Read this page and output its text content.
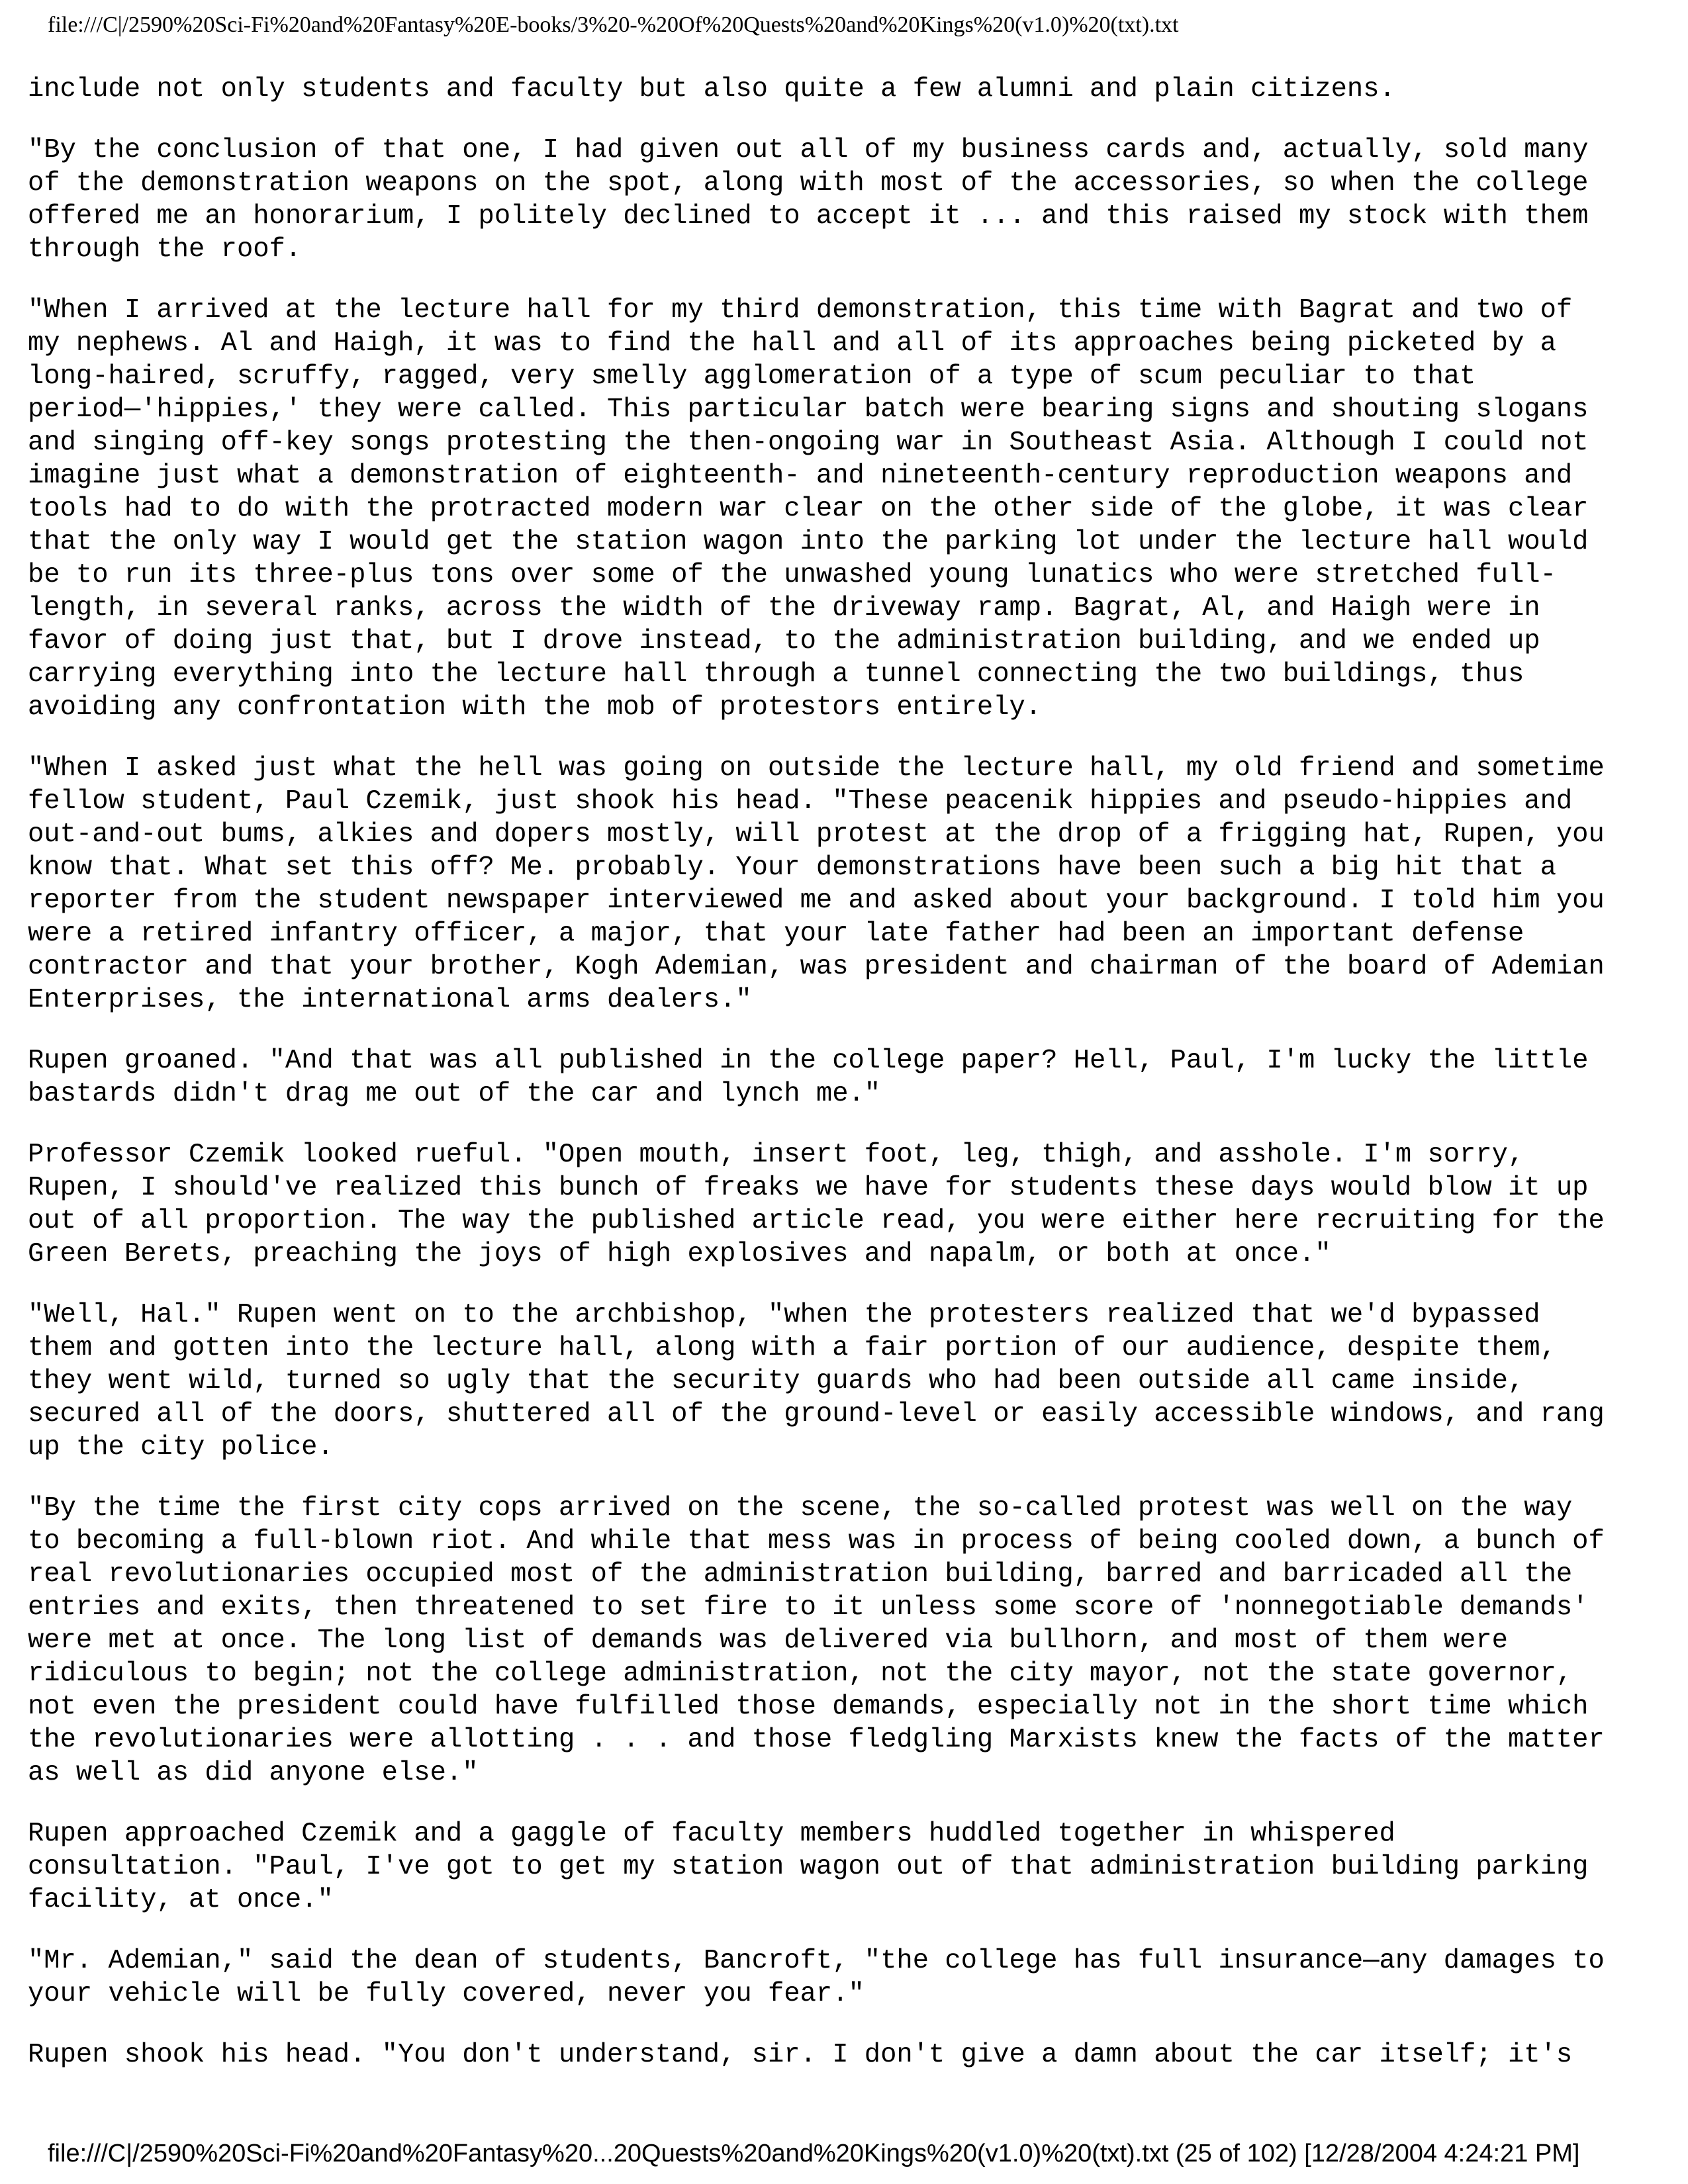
file:///C|/2590%20Sci-Fi%20and%20Fantasy%20E-books/3%20-%20Of%20Quests%20and%20Kings%20(v1.0)%20(txt).txt

include not only students and faculty but also quite a few alumni and plain citizens.

"By the conclusion of that one, I had given out all of my business cards and, actually, sold many
of the demonstration weapons on the spot, along with most of the accessories, so when the college
offered me an honorarium, I politely declined to accept it ... and this raised my stock with them
through the roof.

"When I arrived at the lecture hall for my third demonstration, this time with Bagrat and two of
my nephews. Al and Haigh, it was to find the hall and all of its approaches being picketed by a
long-haired, scruffy, ragged, very smelly agglomeration of a type of scum peculiar to that
period—'hippies,' they were called. This particular batch were bearing signs and shouting slogans
and singing off-key songs protesting the then-ongoing war in Southeast Asia. Although I could not
imagine just what a demonstration of eighteenth- and nineteenth-century reproduction weapons and
tools had to do with the protracted modern war clear on the other side of the globe, it was clear
that the only way I would get the station wagon into the parking lot under the lecture hall would
be to run its three-plus tons over some of the unwashed young lunatics who were stretched full-
length, in several ranks, across the width of the driveway ramp. Bagrat, Al, and Haigh were in
favor of doing just that, but I drove instead, to the administration building, and we ended up
carrying everything into the lecture hall through a tunnel connecting the two buildings, thus
avoiding any confrontation with the mob of protestors entirely.

"When I asked just what the hell was going on outside the lecture hall, my old friend and sometime
fellow student, Paul Czemik, just shook his head. "These peacenik hippies and pseudo-hippies and
out-and-out bums, alkies and dopers mostly, will protest at the drop of a frigging hat, Rupen, you
know that. What set this off? Me. probably. Your demonstrations have been such a big hit that a
reporter from the student newspaper interviewed me and asked about your background. I told him you
were a retired infantry officer, a major, that your late father had been an important defense
contractor and that your brother, Kogh Ademian, was president and chairman of the board of Ademian
Enterprises, the international arms dealers."

Rupen groaned. "And that was all published in the college paper? Hell, Paul, I'm lucky the little
bastards didn't drag me out of the car and lynch me."

Professor Czemik looked rueful. "Open mouth, insert foot, leg, thigh, and asshole. I'm sorry,
Rupen, I should've realized this bunch of freaks we have for students these days would blow it up
out of all proportion. The way the published article read, you were either here recruiting for the
Green Berets, preaching the joys of high explosives and napalm, or both at once."

"Well, Hal." Rupen went on to the archbishop, "when the protesters realized that we'd bypassed
them and gotten into the lecture hall, along with a fair portion of our audience, despite them,
they went wild, turned so ugly that the security guards who had been outside all came inside,
secured all of the doors, shuttered all of the ground-level or easily accessible windows, and rang
up the city police.

"By the time the first city cops arrived on the scene, the so-called protest was well on the way
to becoming a full-blown riot. And while that mess was in process of being cooled down, a bunch of
real revolutionaries occupied most of the administration building, barred and barricaded all the
entries and exits, then threatened to set fire to it unless some score of 'nonnegotiable demands'
were met at once. The long list of demands was delivered via bullhorn, and most of them were
ridiculous to begin; not the college administration, not the city mayor, not the state governor,
not even the president could have fulfilled those demands, especially not in the short time which
the revolutionaries were allotting . . . and those fledgling Marxists knew the facts of the matter
as well as did anyone else."

Rupen approached Czemik and a gaggle of faculty members huddled together in whispered
consultation. "Paul, I've got to get my station wagon out of that administration building parking
facility, at once."

"Mr. Ademian," said the dean of students, Bancroft, "the college has full insurance—any damages to
your vehicle will be fully covered, never you fear."

Rupen shook his head. "You don't understand, sir. I don't give a damn about the car itself; it's

file:///C|/2590%20Sci-Fi%20and%20Fantasy%20...20Quests%20and%20Kings%20(v1.0)%20(txt).txt (25 of 102) [12/28/2004 4:24:21 PM]
